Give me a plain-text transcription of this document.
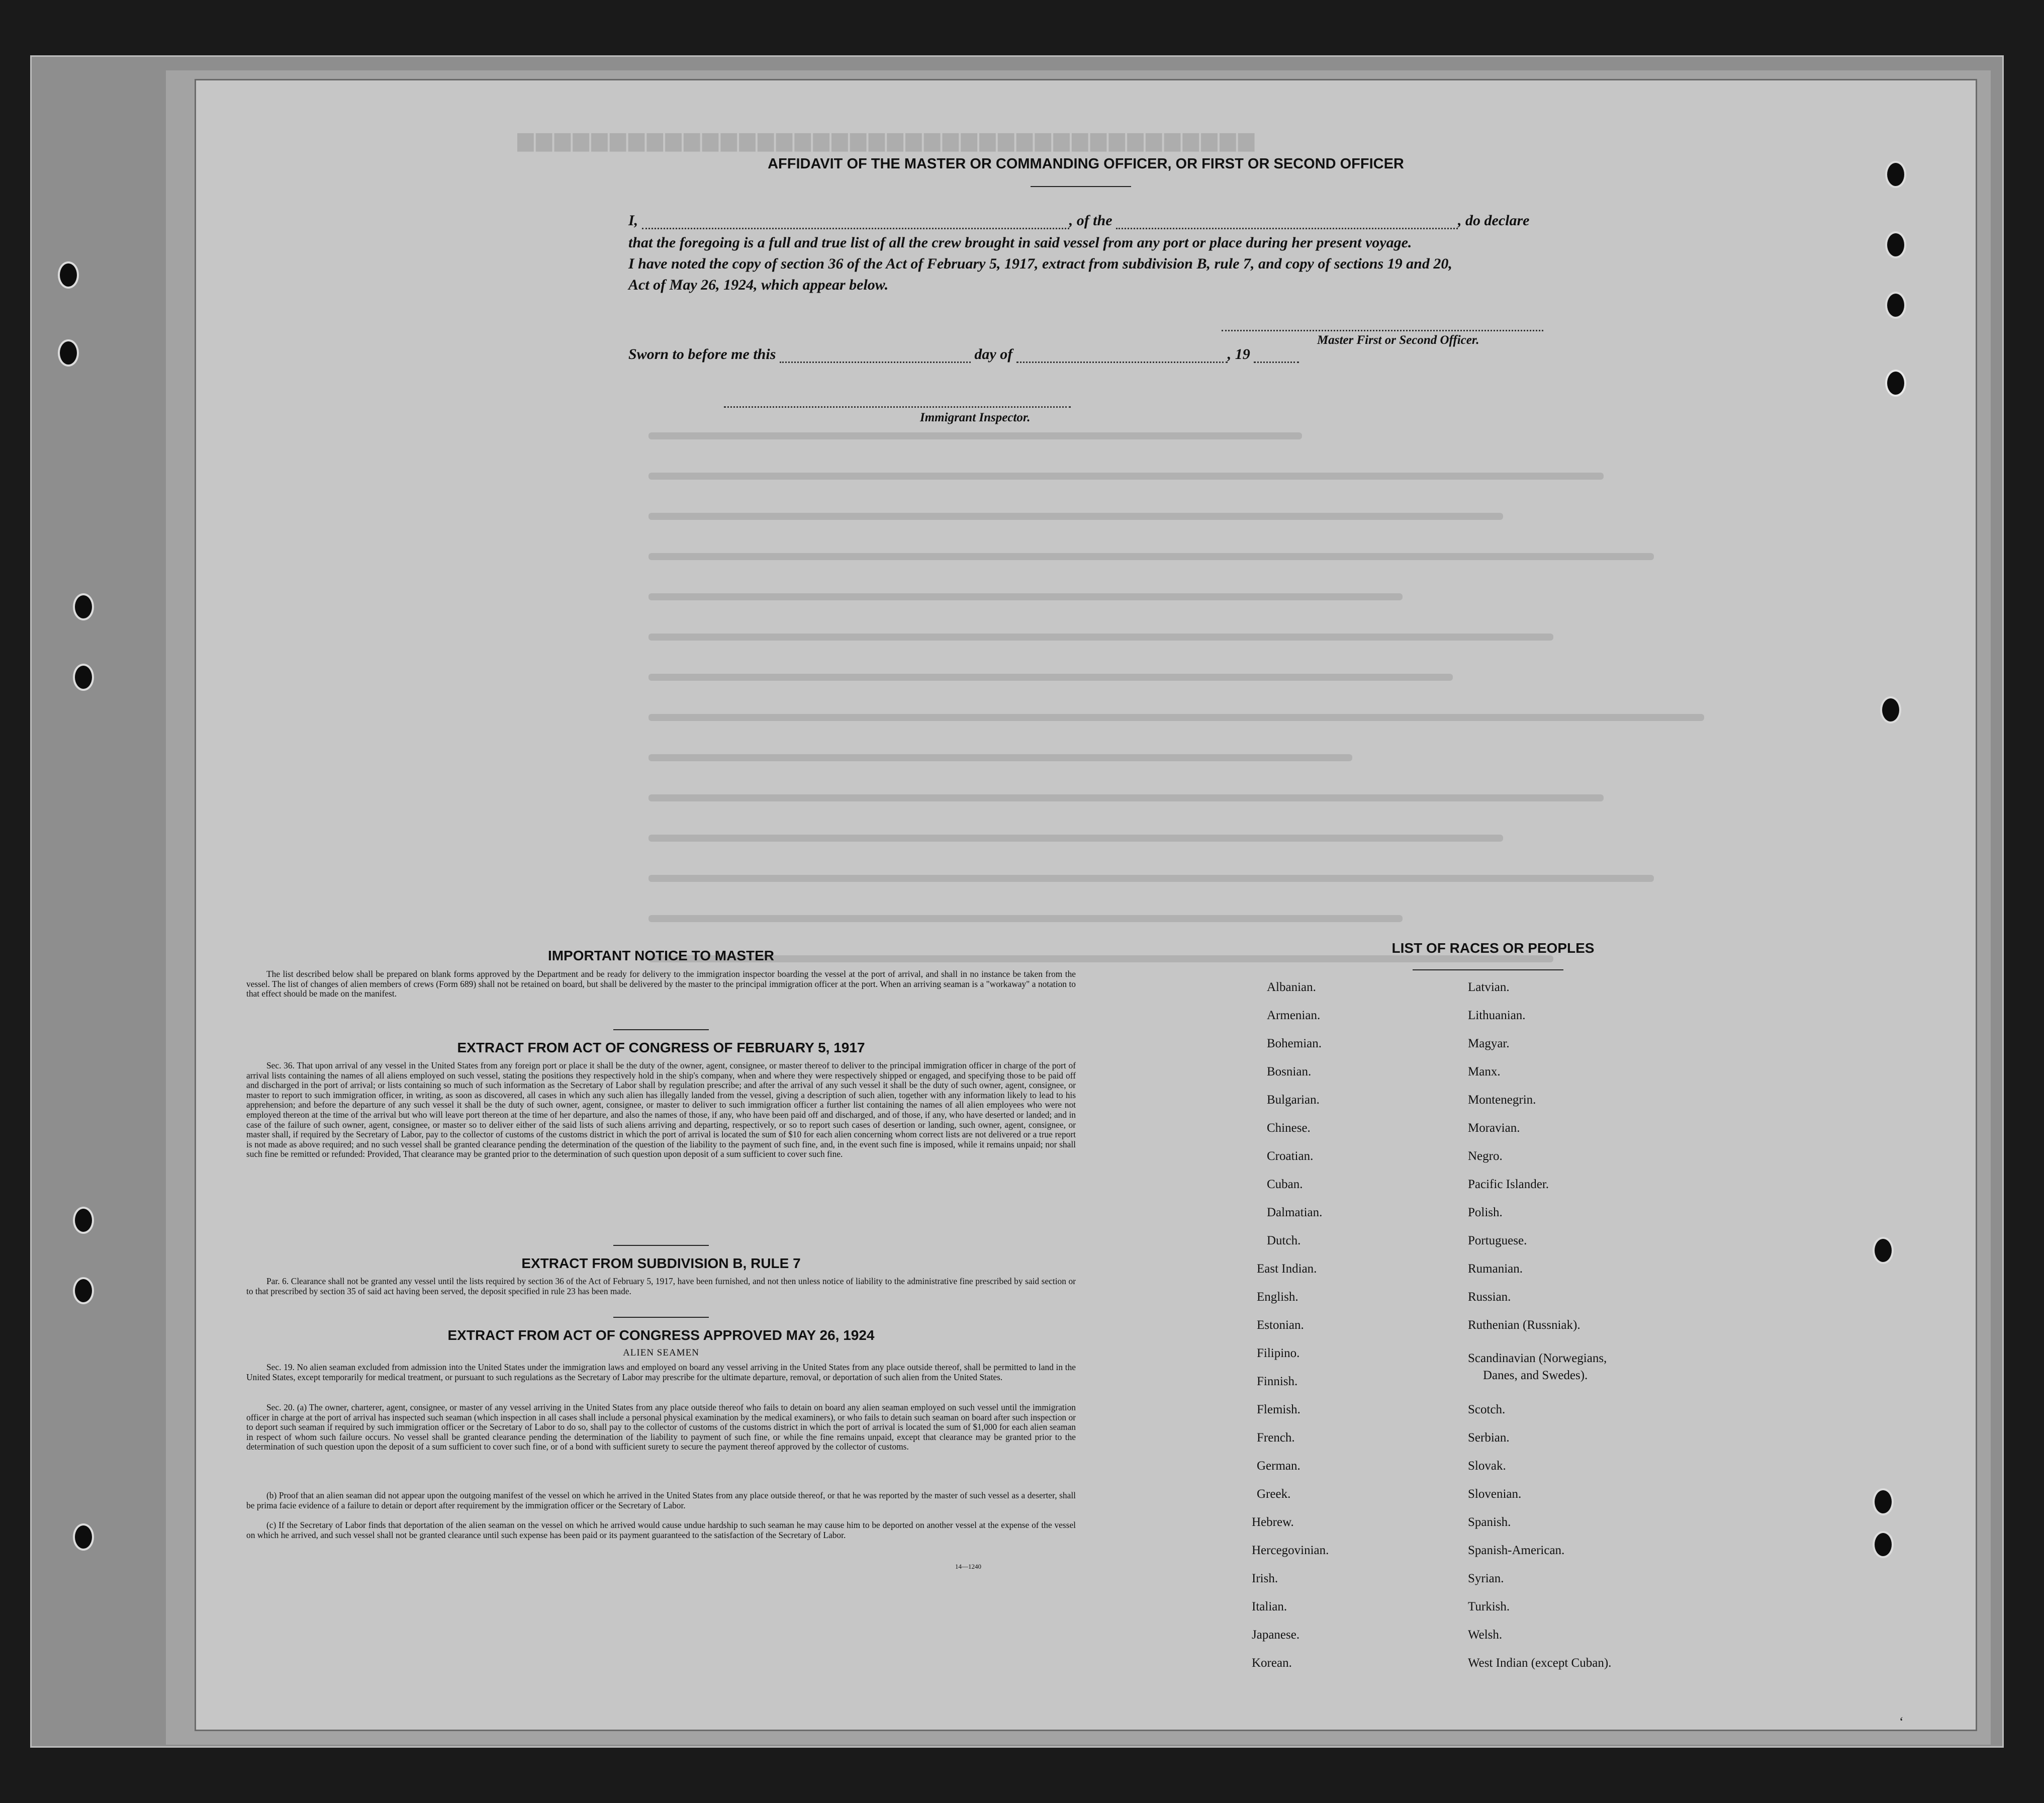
▆▆▆▆▆▆▆▆▆▆▆▆▆▆▆▆▆▆▆▆▆▆▆▆▆▆▆▆▆▆▆▆▆▆▆▆▆▆▆▆
AFFIDAVIT OF THE MASTER OR COMMANDING OFFICER, OR FIRST OR SECOND OFFICER
I,	, of the	, do declare
that the foregoing is a full and true list of all the crew brought in said vessel from any port or place during her present voyage.
I have noted the copy of section 36 of the Act of February 5, 1917, extract from subdivision B, rule 7, and copy of sections 19 and 20,
Act of May 26, 1924, which appear below.
Master First or Second Officer.
Sworn to before me this	day of	, 19
Immigrant Inspector.
IMPORTANT NOTICE TO MASTER
The list described below shall be prepared on blank forms approved by the Department and be ready for delivery to the immigration inspector boarding the vessel at the port of arrival, and shall in no instance be taken from the vessel. The list of changes of alien members of crews (Form 689) shall not be retained on board, but shall be delivered by the master to the principal immigration officer at the port. When an arriving seaman is a "workaway" a notation to that effect should be made on the manifest.
EXTRACT FROM ACT OF CONGRESS OF FEBRUARY 5, 1917
Sec. 36. That upon arrival of any vessel in the United States from any foreign port or place it shall be the duty of the owner, agent, consignee, or master thereof to deliver to the principal immigration officer in charge of the port of arrival lists containing the names of all aliens employed on such vessel, stating the positions they respectively hold in the ship's company, when and where they were respectively shipped or engaged, and specifying those to be paid off and discharged in the port of arrival; or lists containing so much of such information as the Secretary of Labor shall by regulation prescribe; and after the arrival of any such vessel it shall be the duty of such owner, agent, consignee, or master to report to such immigration officer, in writing, as soon as discovered, all cases in which any such alien has illegally landed from the vessel, giving a description of such alien, together with any information likely to lead to his apprehension; and before the departure of any such vessel it shall be the duty of such owner, agent, consignee, or master to deliver to such immigration officer a further list containing the names of all alien employees who were not employed thereon at the time of the arrival but who will leave port thereon at the time of her departure, and also the names of those, if any, who have been paid off and discharged, and of those, if any, who have deserted or landed; and in case of the failure of such owner, agent, consignee, or master so to deliver either of the said lists of such aliens arriving and departing, respectively, or so to report such cases of desertion or landing, such owner, agent, consignee, or master shall, if required by the Secretary of Labor, pay to the collector of customs of the customs district in which the port of arrival is located the sum of $10 for each alien concerning whom correct lists are not delivered or a true report is not made as above required; and no such vessel shall be granted clearance pending the determination of the question of the liability to the payment of such fine, and, in the event such fine is imposed, while it remains unpaid; nor shall such fine be remitted or refunded: Provided, That clearance may be granted prior to the determination of such question upon deposit of a sum sufficient to cover such fine.
EXTRACT FROM SUBDIVISION B, RULE 7
Par. 6. Clearance shall not be granted any vessel until the lists required by section 36 of the Act of February 5, 1917, have been furnished, and not then unless notice of liability to the administrative fine prescribed by said section or to that prescribed by section 35 of said act having been served, the deposit specified in rule 23 has been made.
EXTRACT FROM ACT OF CONGRESS APPROVED MAY 26, 1924
ALIEN SEAMEN
Sec. 19. No alien seaman excluded from admission into the United States under the immigration laws and employed on board any vessel arriving in the United States from any place outside thereof, shall be permitted to land in the United States, except temporarily for medical treatment, or pursuant to such regulations as the Secretary of Labor may prescribe for the ultimate departure, removal, or deportation of such alien from the United States.
Sec. 20. (a) The owner, charterer, agent, consignee, or master of any vessel arriving in the United States from any place outside thereof who fails to detain on board any alien seaman employed on such vessel until the immigration officer in charge at the port of arrival has inspected such seaman (which inspection in all cases shall include a personal physical examination by the medical examiners), or who fails to detain such seaman on board after such inspection or to deport such seaman if required by such immigration officer or the Secretary of Labor to do so, shall pay to the collector of customs of the customs district in which the port of arrival is located the sum of $1,000 for each alien seaman in respect of whom such failure occurs. No vessel shall be granted clearance pending the determination of the liability to payment of such fine, or while the fine remains unpaid, except that clearance may be granted prior to the determination of such question upon the deposit of a sum sufficient to cover such fine, or of a bond with sufficient surety to secure the payment thereof approved by the collector of customs.
(b) Proof that an alien seaman did not appear upon the outgoing manifest of the vessel on which he arrived in the United States from any place outside thereof, or that he was reported by the master of such vessel as a deserter, shall be prima facie evidence of a failure to detain or deport after requirement by the immigration officer or the Secretary of Labor.
(c) If the Secretary of Labor finds that deportation of the alien seaman on the vessel on which he arrived would cause undue hardship to such seaman he may cause him to be deported on another vessel at the expense of the vessel on which he arrived, and such vessel shall not be granted clearance until such expense has been paid or its payment guaranteed to the satisfaction of the Secretary of Labor.
14—1240
LIST OF RACES OR PEOPLES
ʻ
Albanian.
Armenian.
Bohemian.
Bosnian.
Bulgarian.
Chinese.
Croatian.
Cuban.
Dalmatian.
Dutch.
East Indian.
English.
Estonian.
Filipino.
Finnish.
Flemish.
French.
German.
Greek.
Hebrew.
Hercegovinian.
Irish.
Italian.
Japanese.
Korean.
Latvian.
Lithuanian.
Magyar.
Manx.
Montenegrin.
Moravian.
Negro.
Pacific Islander.
Polish.
Portuguese.
Rumanian.
Russian.
Ruthenian (Russniak).
Scandinavian (Norwegians,
Danes, and Swedes).
Scotch.
Serbian.
Slovak.
Slovenian.
Spanish.
Spanish-American.
Syrian.
Turkish.
Welsh.
West Indian (except Cuban).
